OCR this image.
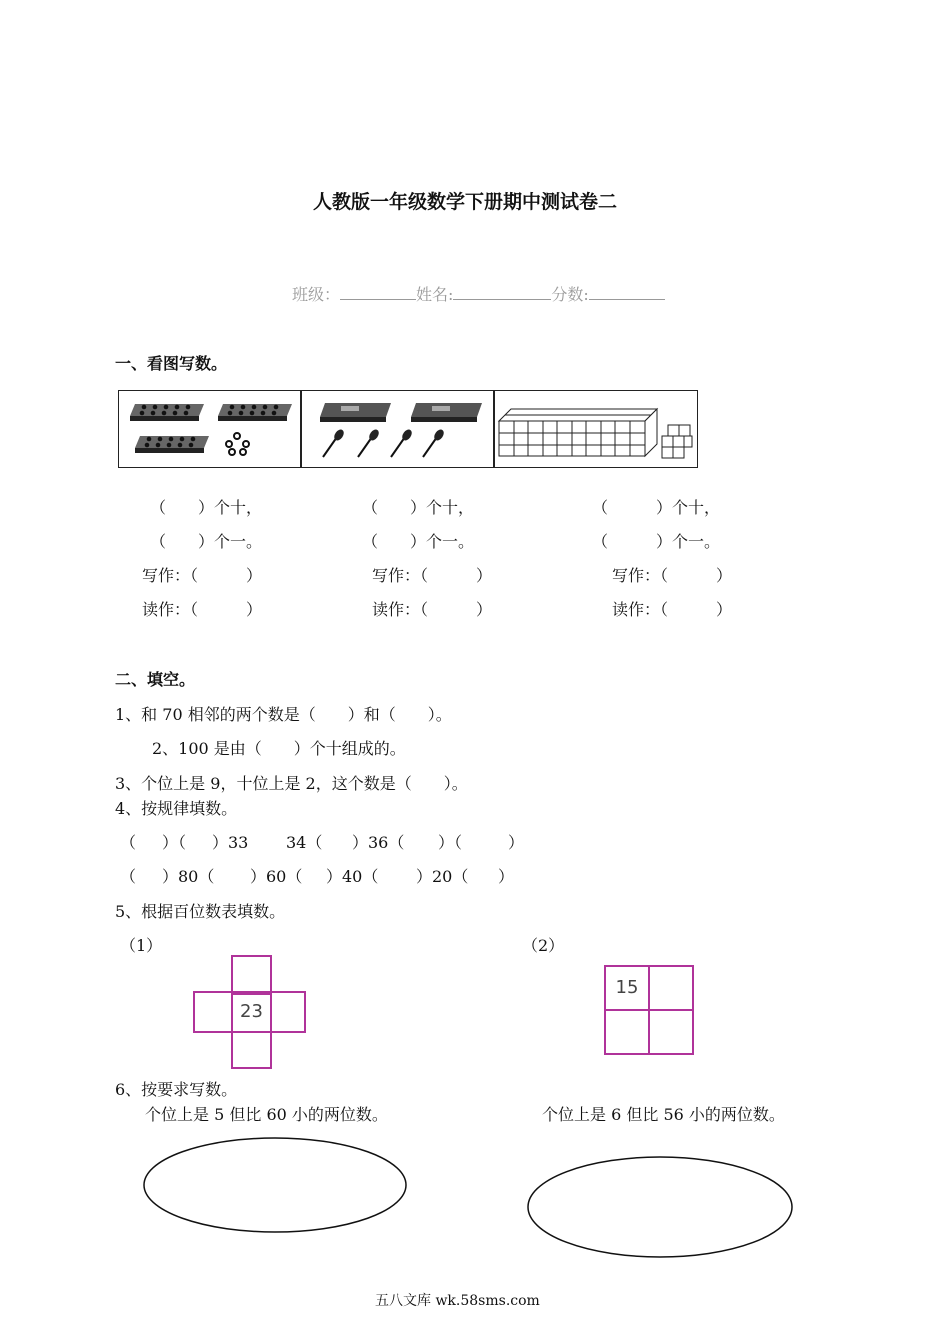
人教版一年级数学下册期中测试卷二
班级：	姓名:	分数:
一、看图写数。
（　　）个十，	（　　）个十，	（　　　）个十，
（　　）个一。	（　　）个一。	（　　　）个一。
写作：（　　　）	写作：（　　　）	写作：（　　　）
读作：（　　　）	读作：（　　　）	读作：（　　　）
二、填空。
1、和 70 相邻的两个数是（　　）和（　　）。
2、100 是由（　　）个十组成的。
3、个位上是 9，十位上是 2，这个数是（　　）。
4、按规律填数。
（ ）（ ）33 34（ ）36（ ）（	）
（ ）80（ ）60（ ）40（ ）20（ ）
5、根据百位数表填数。
（1）	（2）
23
15
6、按要求写数。
个位上是 5 但比 60 小的两位数。	个位上是 6 但比 56 小的两位数。
五八文库 wk.58sms.com
